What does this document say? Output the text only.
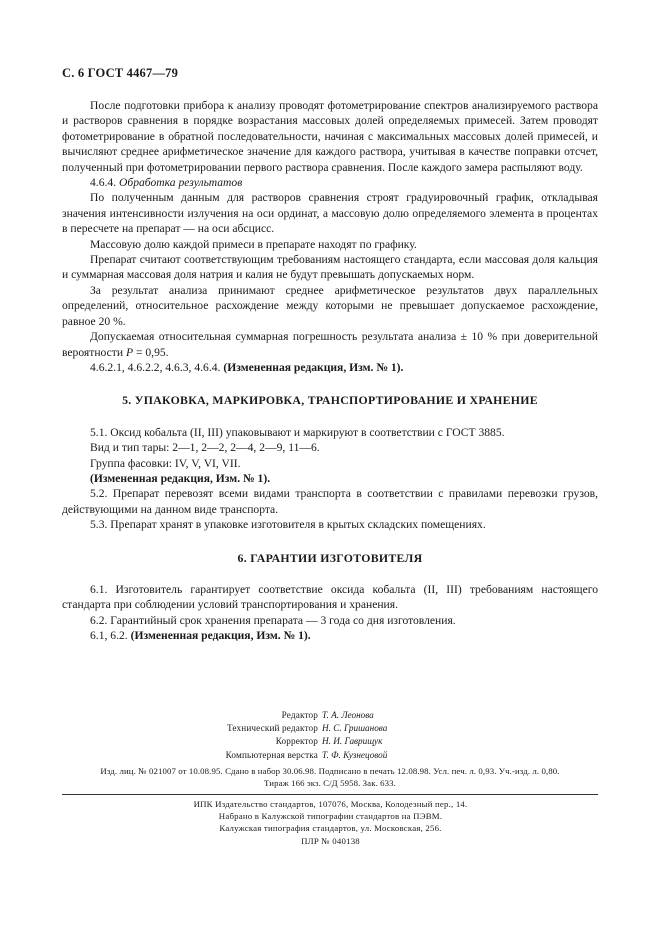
С. 6 ГОСТ 4467—79

После подготовки прибора к анализу проводят фотометрирование спектров анализируемого раствора и растворов сравнения в порядке возрастания массовых долей определяемых примесей. Затем проводят фотометрирование в обратной последовательности, начиная с максимальных массовых долей примесей, и вычисляют среднее арифметическое значение для каждого раствора, учитывая в качестве поправки отсчет, полученный при фотометрировании первого раствора сравнения. После каждого замера распыляют воду.

4.6.4. Обработка результатов

По полученным данным для растворов сравнения строят градуировочный график, откладывая значения интенсивности излучения на оси ординат, а массовую долю определяемого элемента в процентах в пересчете на препарат — на оси абсцисс.

Массовую долю каждой примеси в препарате находят по графику.

Препарат считают соответствующим требованиям настоящего стандарта, если массовая доля кальция и суммарная массовая доля натрия и калия не будут превышать допускаемых норм.

За результат анализа принимают среднее арифметическое результатов двух параллельных определений, относительное расхождение между которыми не превышает допускаемое расхождение, равное 20 %.

Допускаемая относительная суммарная погрешность результата анализа ± 10 % при доверительной вероятности P = 0,95.

4.6.2.1, 4.6.2.2, 4.6.3, 4.6.4. (Измененная редакция, Изм. № 1).

5. УПАКОВКА, МАРКИРОВКА, ТРАНСПОРТИРОВАНИЕ И ХРАНЕНИЕ

5.1. Оксид кобальта (II, III) упаковывают и маркируют в соответствии с ГОСТ 3885.

Вид и тип тары: 2—1, 2—2, 2—4, 2—9, 11—6.

Группа фасовки: IV, V, VI, VII.

(Измененная редакция, Изм. № 1).

5.2. Препарат перевозят всеми видами транспорта в соответствии с правилами перевозки грузов, действующими на данном виде транспорта.

5.3. Препарат хранят в упаковке изготовителя в крытых складских помещениях.

6. ГАРАНТИИ ИЗГОТОВИТЕЛЯ

6.1. Изготовитель гарантирует соответствие оксида кобальта (II, III) требованиям настоящего стандарта при соблюдении условий транспортирования и хранения.

6.2. Гарантийный срок хранения препарата — 3 года со дня изготовления.

6.1, 6.2. (Измененная редакция, Изм. № 1).

Редактор Т. А. Леонова
Технический редактор Н. С. Гришанова
Корректор Н. И. Гаврищук
Компьютерная верстка Т. Ф. Кузнецовой
Изд. лиц. № 021007 от 10.08.95. Сдано в набор 30.06.98. Подписано в печать 12.08.98. Усл. печ. л. 0,93. Уч.-изд. л. 0,80.
Тираж 166 экз. С/Д 5958. Зак. 633.
ИПК Издательство стандартов, 107076, Москва, Колодезный пер., 14.
Набрано в Калужской типографии стандартов на ПЭВМ.
Калужская типография стандартов, ул. Московская, 256.
ПЛР № 040138
